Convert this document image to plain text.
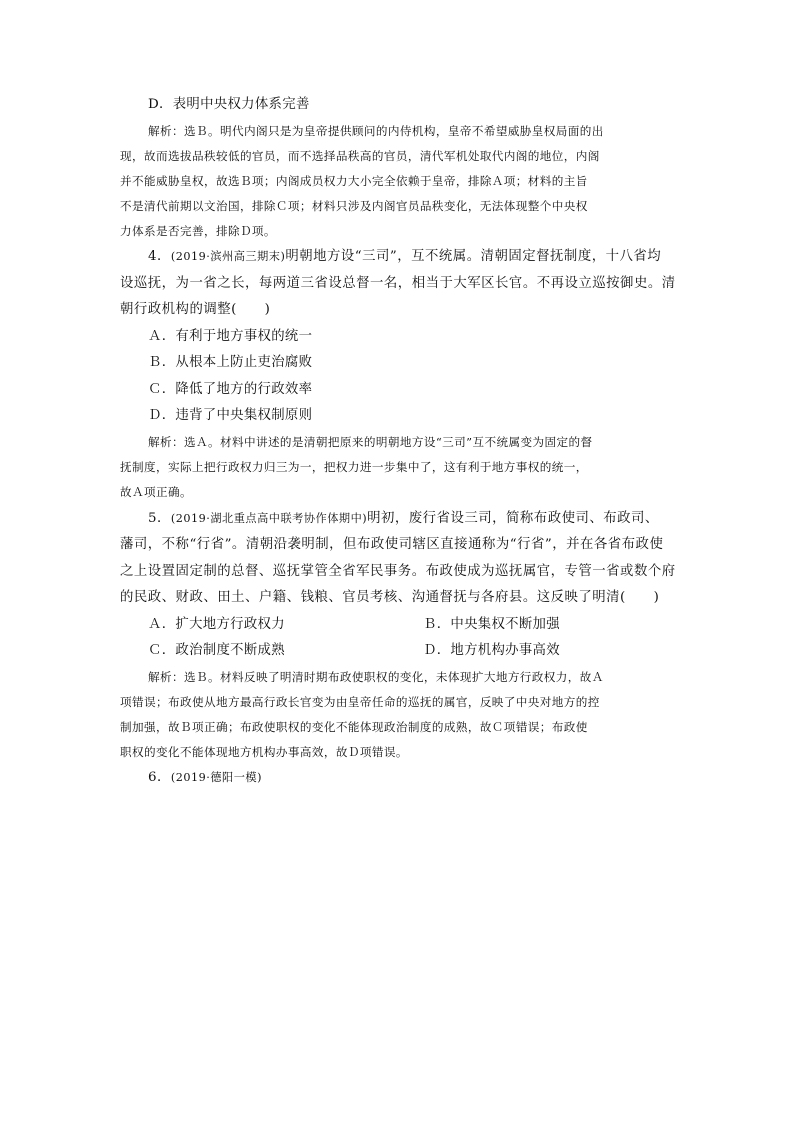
D．表明中央权力体系完善
解析：选Ｂ。明代内阁只是为皇帝提供顾问的内侍机构，皇帝不希望威胁皇权局面的出
现，故而选拔品秩较低的官员，而不选择品秩高的官员，清代军机处取代内阁的地位，内阁
并不能威胁皇权，故选Ｂ项；内阁成员权力大小完全依赖于皇帝，排除Ａ项；材料的主旨
不是清代前期以文治国，排除Ｃ项；材料只涉及内阁官员品秩变化，无法体现整个中央权
力体系是否完善，排除Ｄ项。
4．(2019·滨州高三期末)明朝地方设“三司”，互不统属。清朝固定督抚制度，十八省均
设巡抚，为一省之长，每两道三省设总督一名，相当于大军区长官。不再设立巡按御史。清
朝行政机构的调整(　　)
Ａ．有利于地方事权的统一
Ｂ．从根本上防止吏治腐败
Ｃ．降低了地方的行政效率
Ｄ．违背了中央集权制原则
解析：选Ａ。材料中讲述的是清朝把原来的明朝地方设“三司”互不统属变为固定的督
抚制度，实际上把行政权力归三为一，把权力进一步集中了，这有利于地方事权的统一，
故Ａ项正确。
5．(2019·湖北重点高中联考协作体期中)明初，废行省设三司，简称布政使司、布政司、
藩司，不称“行省”。清朝沿袭明制，但布政使司辖区直接通称为“行省”，并在各省布政使
之上设置固定制的总督、巡抚掌管全省军民事务。布政使成为巡抚属官，专管一省或数个府
的民政、财政、田土、户籍、钱粮、官员考核、沟通督抚与各府县。这反映了明清(　　)
Ａ．扩大地方行政权力	Ｂ．中央集权不断加强
Ｃ．政治制度不断成熟	Ｄ．地方机构办事高效
解析：选Ｂ。材料反映了明清时期布政使职权的变化，未体现扩大地方行政权力，故Ａ
项错误；布政使从地方最高行政长官变为由皇帝任命的巡抚的属官，反映了中央对地方的控
制加强，故Ｂ项正确；布政使职权的变化不能体现政治制度的成熟，故Ｃ项错误；布政使
职权的变化不能体现地方机构办事高效，故Ｄ项错误。
6．(2019·德阳一模)
